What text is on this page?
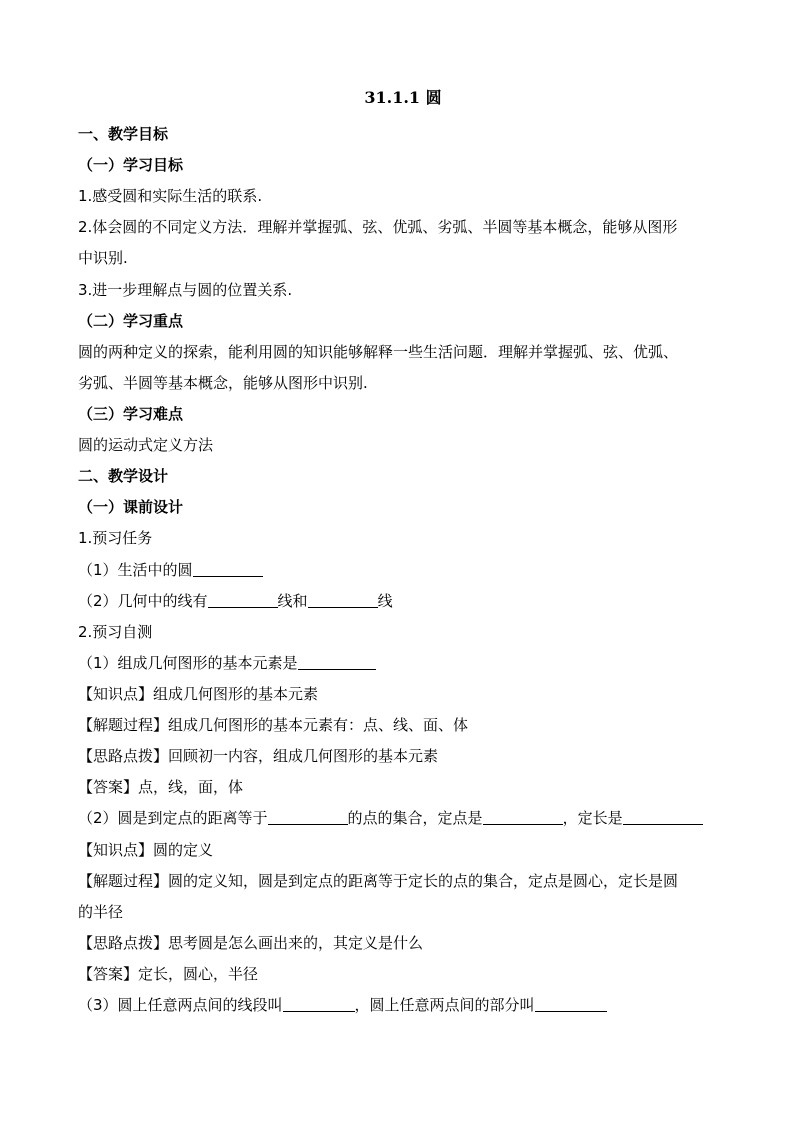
31.1.1 圆
一、教学目标
（一）学习目标
1.感受圆和实际生活的联系.
2.体会圆的不同定义方法．理解并掌握弧、弦、优弧、劣弧、半圆等基本概念，能够从图形
中识别.
3.进一步理解点与圆的位置关系.
（二）学习重点
圆的两种定义的探索，能利用圆的知识能够解释一些生活问题．理解并掌握弧、弦、优弧、
劣弧、半圆等基本概念，能够从图形中识别.
（三）学习难点
圆的运动式定义方法
二、教学设计
（一）课前设计
1.预习任务
（1）生活中的圆
（2）几何中的线有	线和	线
2.预习自测
（1）组成几何图形的基本元素是
【知识点】组成几何图形的基本元素
【解题过程】组成几何图形的基本元素有：点、线、面、体
【思路点拨】回顾初一内容，组成几何图形的基本元素
【答案】点，线，面，体
（2）圆是到定点的距离等于	的点的集合，定点是	，定长是
【知识点】圆的定义
【解题过程】圆的定义知，圆是到定点的距离等于定长的点的集合，定点是圆心，定长是圆
的半径
【思路点拨】思考圆是怎么画出来的，其定义是什么
【答案】定长，圆心，半径
（3）圆上任意两点间的线段叫	，圆上任意两点间的部分叫
